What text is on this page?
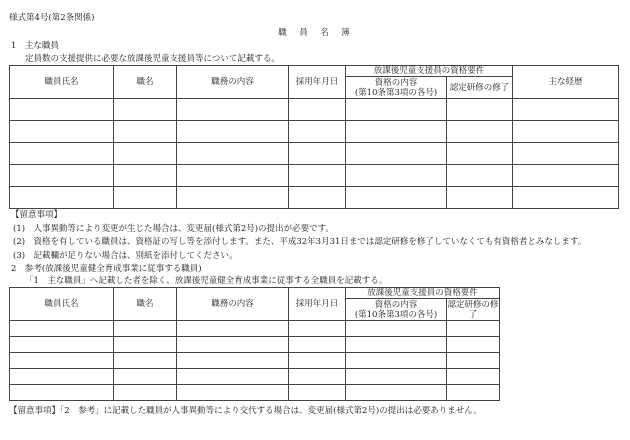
様式第4号(第2条関係)
職　員　名　簿
1　主な職員
定員数の支援提供に必要な放課後児童支援員等について記載する。
職員氏名	職名	職務の内容	採用年月日	放課後児童支援員の資格要件		主な経歴

				資格の内容
(第10条第3項の各号)	認定研修の修了	

【留意事項】
(1)　人事異動等により変更が生じた場合は、変更届(様式第2号)の提出が必要です。
(2)　資格を有している職員は、資格証の写し等を添付します。また、平成32年3月31日までは認定研修を修了していなくても有資格者とみなします。
(3)　記載欄が足りない場合は、別紙を添付してください。
2　参考(放課後児童健全育成事業に従事する職員)
「1　主な職員」へ記載した者を除く、放課後児童健全育成事業に従事する全職員を記載する。
職員氏名	職名	職務の内容	採用年月日	放課後児童支援員の資格要件	

				資格の内容
(第10条第3項の各号)	認定研修の修了

【留意事項】「2　参考」に記載した職員が人事異動等により交代する場合は、変更届(様式第2号)の提出は必要ありません。
